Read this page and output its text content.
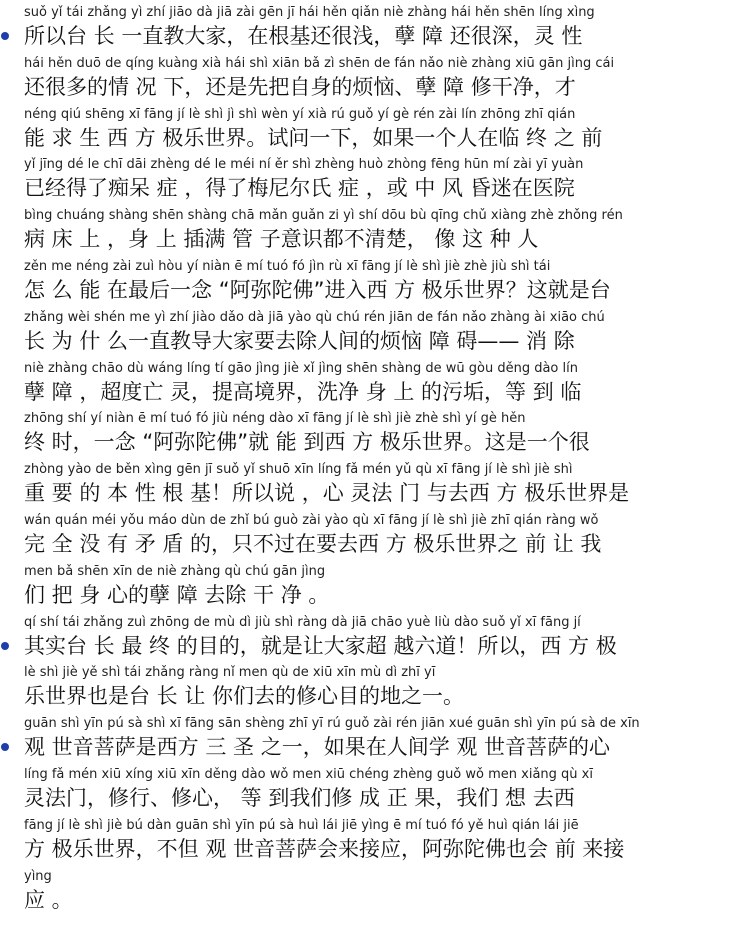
suǒ yǐ tái zhǎng yì zhí jiāo dà jiā zài gēn jī hái hěn qiǎn niè zhàng hái hěn shēn líng xìng
所以台 长 一直教大家，在根基还很浅，孽 障 还很深，灵 性
hái hěn duō de qíng kuàng xià hái shì xiān bǎ zì shēn de fán nǎo niè zhàng xiū gān jìng cái
还很多的情 况 下，还是先把自身的烦恼、孽 障 修干净，才
néng qiú shēng xī fāng jí lè shì jì shì wèn yí xià rú guǒ yí gè rén zài lín zhōng zhī qián
能 求 生 西 方 极乐世界。试问一下，如果一个人在临 终 之 前
yǐ jīng dé le chī dāi zhèng dé le méi ní ěr shì zhèng huò zhòng fēng hūn mí zài yī yuàn
已经得了痴呆 症 ，得了梅尼尔氏 症 ，或 中 风 昏迷在医院
bìng chuáng shàng shēn shàng chā mǎn guǎn zi yì shí dōu bù qīng chǔ xiàng zhè zhǒng rén
病 床 上 ，身 上 插满 管 子意识都不清楚， 像 这 种 人
zěn me néng zài zuì hòu yí niàn ē mí tuó fó jìn rù xī fāng jí lè shì jiè zhè jiù shì tái
怎 么 能 在最后一念 “阿弥陀佛”进入西 方 极乐世界？这就是台
zhǎng wèi shén me yì zhí jiào dǎo dà jiā yào qù chú rén jiān de fán nǎo zhàng ài xiāo chú
长 为 什 么一直教导大家要去除人间的烦恼 障 碍—— 消 除
niè zhàng chāo dù wáng líng tí gāo jìng jiè xǐ jìng shēn shàng de wū gòu děng dào lín
孽 障 ，超度亡 灵，提高境界，洗净 身 上 的污垢，等 到 临
zhōng shí yí niàn ē mí tuó fó jiù néng dào xī fāng jí lè shì jiè zhè shì yí gè hěn
终 时，一念 “阿弥陀佛”就 能 到西 方 极乐世界。这是一个很
zhòng yào de běn xìng gēn jī suǒ yǐ shuō xīn líng fǎ mén yǔ qù xī fāng jí lè shì jiè shì
重 要 的 本 性 根 基！所以说 ，心 灵法 门 与去西 方 极乐世界是
wán quán méi yǒu máo dùn de zhǐ bú guò zài yào qù xī fāng jí lè shì jiè zhī qián ràng wǒ
完 全 没 有 矛 盾 的，只不过在要去西 方 极乐世界之 前 让 我
men bǎ shēn xīn de niè zhàng qù chú gān jìng
们 把 身 心的孽 障 去除 干 净 。
qí shí tái zhǎng zuì zhōng de mù dì jiù shì ràng dà jiā chāo yuè liù dào suǒ yǐ xī fāng jí
其实台 长 最 终 的目的，就是让大家超 越六道！所以，西 方 极
lè shì jiè yě shì tái zhǎng ràng nǐ men qù de xiū xīn mù dì zhī yī
乐世界也是台 长 让 你们去的修心目的地之一。
guān shì yīn pú sà shì xī fāng sān shèng zhī yī rú guǒ zài rén jiān xué guān shì yīn pú sà de xīn
观 世音菩萨是西方 三 圣 之一，如果在人间学 观 世音菩萨的心
líng fǎ mén xiū xíng xiū xīn děng dào wǒ men xiū chéng zhèng guǒ wǒ men xiǎng qù xī
灵法门，修行、修心， 等 到我们修 成 正 果，我们 想 去西
fāng jí lè shì jiè bú dàn guān shì yīn pú sà huì lái jiē yìng ē mí tuó fó yě huì qián lái jiē
方 极乐世界，不但 观 世音菩萨会来接应，阿弥陀佛也会 前 来接
yìng
应 。
